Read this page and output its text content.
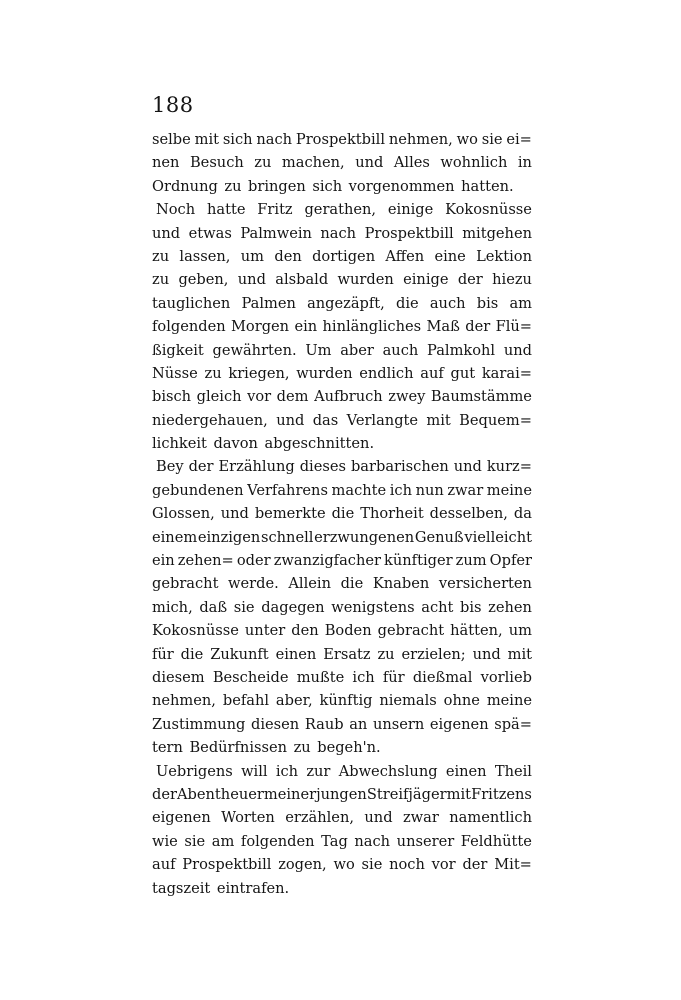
188
selbe mit sich nach Prospektbill nehmen, wo sie ei=
nen Besuch zu machen, und Alles wohnlich in
Ordnung zu bringen sich vorgenommen hatten.
Noch hatte Fritz gerathen, einige Kokosnüsse
und etwas Palmwein nach Prospektbill mitgehen
zu lassen, um den dortigen Affen eine Lektion
zu geben, und alsbald wurden einige der hiezu
tauglichen Palmen angezäpft, die auch bis am
folgenden Morgen ein hinlängliches Maß der Flü=
ßigkeit gewährten. Um aber auch Palmkohl und
Nüsse zu kriegen, wurden endlich auf gut karai=
bisch gleich vor dem Aufbruch zwey Baumstämme
niedergehauen, und das Verlangte mit Bequem=
lichkeit davon abgeschnitten.
Bey der Erzählung dieses barbarischen und kurz=
gebundenen Verfahrens machte ich nun zwar meine
Glossen, und bemerkte die Thorheit desselben, da
einem einzigen schnell erzwungenen Genuß vielleicht
ein zehen= oder zwanzigfacher künftiger zum Opfer
gebracht werde. Allein die Knaben versicherten
mich, daß sie dagegen wenigstens acht bis zehen
Kokosnüsse unter den Boden gebracht hätten, um
für die Zukunft einen Ersatz zu erzielen; und mit
diesem Bescheide mußte ich für dießmal vorlieb
nehmen, befahl aber, künftig niemals ohne meine
Zustimmung diesen Raub an unsern eigenen spä=
tern Bedürfnissen zu begeh'n.
Uebrigens will ich zur Abwechslung einen Theil
der Abentheuer meiner jungen Streifjäger mit Fritzens
eigenen Worten erzählen, und zwar namentlich
wie sie am folgenden Tag nach unserer Feldhütte
auf Prospektbill zogen, wo sie noch vor der Mit=
tagszeit eintrafen.
